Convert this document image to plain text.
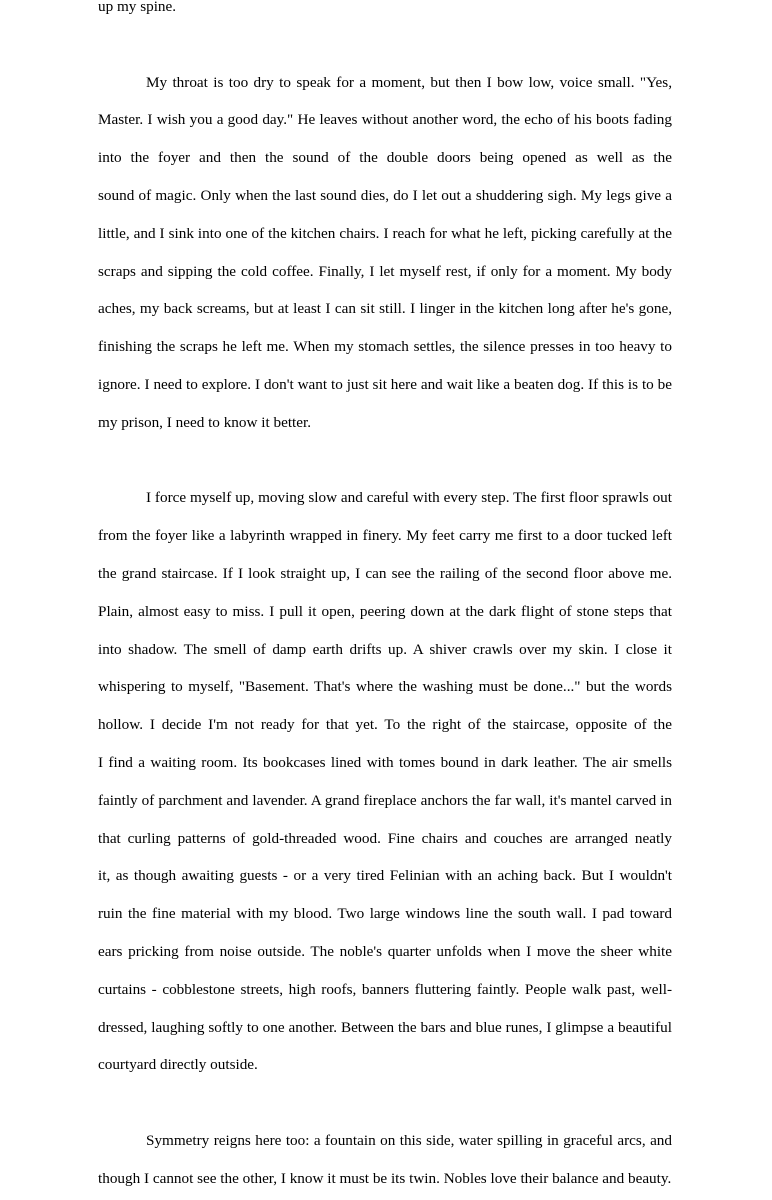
up my spine.
My throat is too dry to speak for a moment, but then I bow low, voice small. "Yes,
Master. I wish you a good day." He leaves without another word, the echo of his boots fading
into the foyer and then the sound of the double doors being opened as well as the
sound of magic. Only when the last sound dies, do I let out a shuddering sigh. My legs give a
little, and I sink into one of the kitchen chairs. I reach for what he left, picking carefully at the
scraps and sipping the cold coffee. Finally, I let myself rest, if only for a moment. My body
aches, my back screams, but at least I can sit still. I linger in the kitchen long after he's gone,
finishing the scraps he left me. When my stomach settles, the silence presses in too heavy to
ignore. I need to explore. I don't want to just sit here and wait like a beaten dog. If this is to be
my prison, I need to know it better.
I force myself up, moving slow and careful with every step. The first floor sprawls out
from the foyer like a labyrinth wrapped in finery. My feet carry me first to a door tucked left
the grand staircase. If I look straight up, I can see the railing of the second floor above me.
Plain, almost easy to miss. I pull it open, peering down at the dark flight of stone steps that
into shadow. The smell of damp earth drifts up. A shiver crawls over my skin. I close it
whispering to myself, "Basement. That's where the washing must be done..." but the words
hollow. I decide I'm not ready for that yet. To the right of the staircase, opposite of the
I find a waiting room. Its bookcases lined with tomes bound in dark leather. The air smells
faintly of parchment and lavender. A grand fireplace anchors the far wall, it's mantel carved in
that curling patterns of gold-threaded wood. Fine chairs and couches are arranged neatly
it, as though awaiting guests - or a very tired Felinian with an aching back. But I wouldn't
ruin the fine material with my blood. Two large windows line the south wall. I pad toward
ears pricking from noise outside. The noble's quarter unfolds when I move the sheer white
curtains - cobblestone streets, high roofs, banners fluttering faintly. People walk past, well-
dressed, laughing softly to one another. Between the bars and blue runes, I glimpse a beautiful
courtyard directly outside.
Symmetry reigns here too: a fountain on this side, water spilling in graceful arcs, and
though I cannot see the other, I know it must be its twin. Nobles love their balance and beauty.
